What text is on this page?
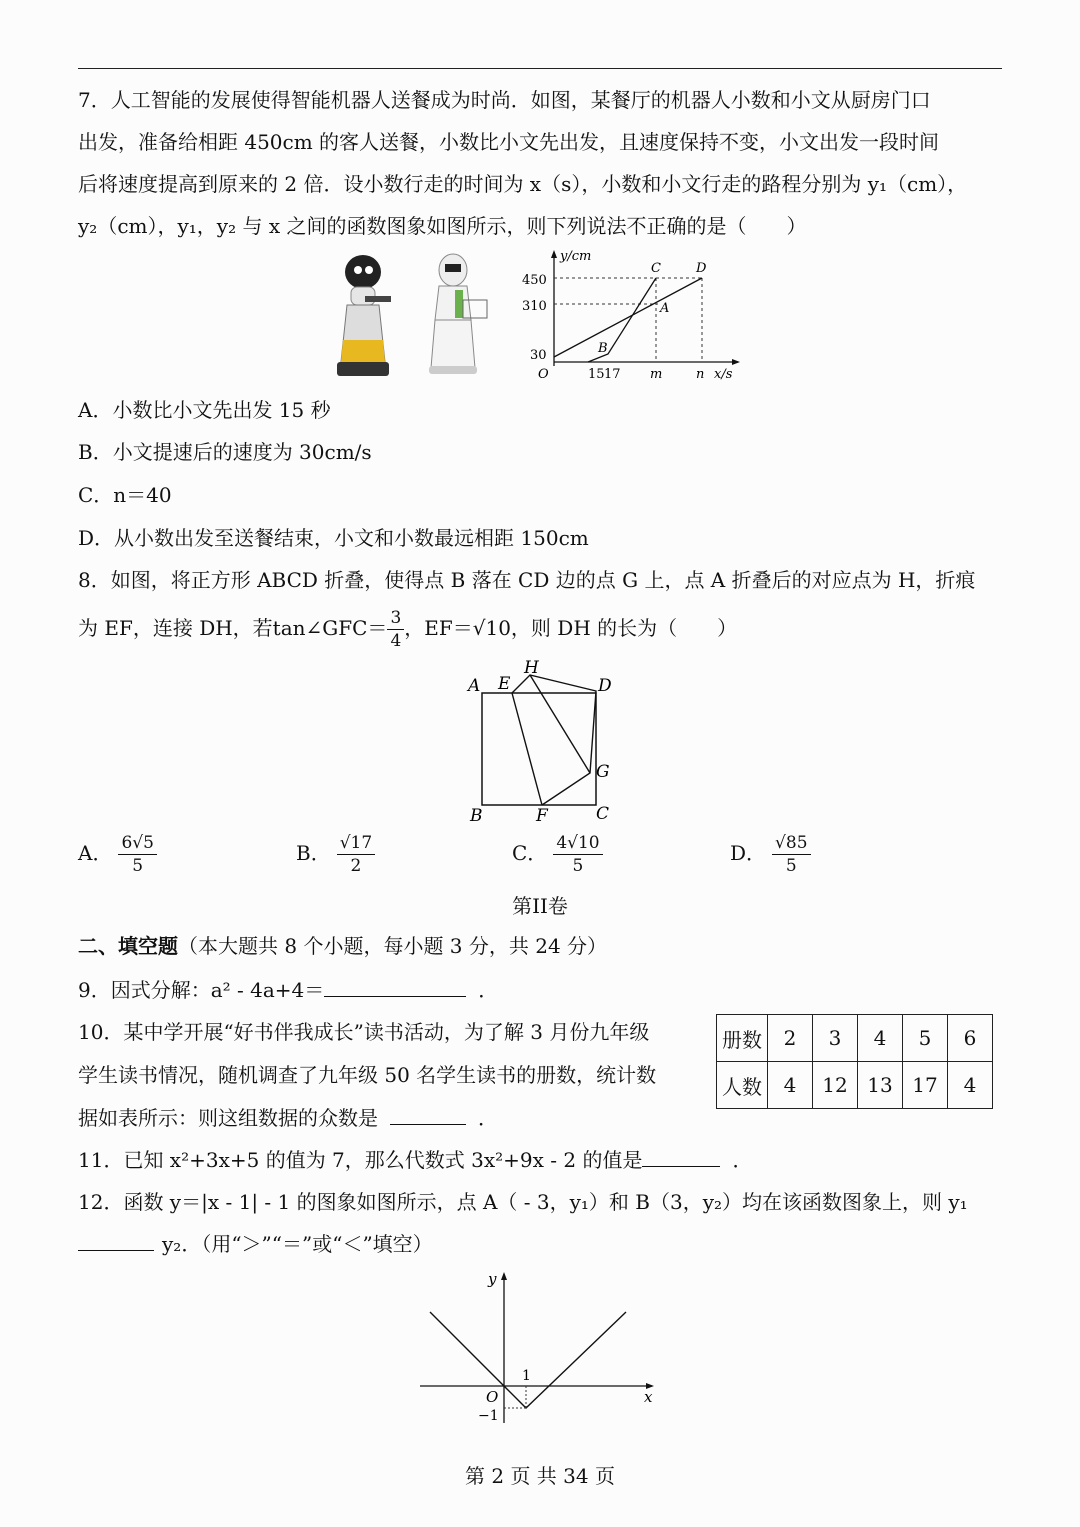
7．人工智能的发展使得智能机器人送餐成为时尚．如图，某餐厅的机器人小数和小文从厨房门口
出发，准备给相距 450cm 的客人送餐，小数比小文先出发，且速度保持不变，小文出发一段时间
后将速度提高到原来的 2 倍．设小数行走的时间为 x（s），小数和小文行走的路程分别为 y₁（cm），
y₂（cm），y₁，y₂ 与 x 之间的函数图象如图所示，则下列说法不正确的是（　　）
y/cm
x/s
450
310
30
O	15 17 m	n
C	D
A
B
A．小数比小文先出发 15 秒
B．小文提速后的速度为 30cm/s
C．n＝40
D．从小数出发至送餐结束，小文和小数最远相距 150cm
8．如图，将正方形 ABCD 折叠，使得点 B 落在 CD 边的点 G 上，点 A 折叠后的对应点为 H，折痕
为 EF，连接 DH，若tan∠GFC＝ $\frac{3}{4}$ ，EF＝√10，则 DH 的长为（　　）
A E
H
D
G
B	F	C
A． $\frac{6√5}{5}$	B． $\frac{√17}{2}$	C． $\frac{4√10}{5}$	D． $\frac{√85}{5}$
第II卷
二、填空题（本大题共 8 个小题，每小题 3 分，共 24 分）
9．因式分解：a² - 4a+4＝	．
10．某中学开展“好书伴我成长”读书活动，为了解 3 月份九年级
学生读书情况，随机调查了九年级 50 名学生读书的册数，统计数
据如表所示：则这组数据的众数是	．
册数	2	3	4	5	6
人数	4	12	13	17	4
11．已知 x²+3x+5 的值为 7，那么代数式 3x²+9x - 2 的值是	．
12．函数 y＝|x - 1| - 1 的图象如图所示，点 A（ - 3，y₁）和 B（3，y₂）均在该函数图象上，则 y₁
y₂．（用“＞”“＝”或“＜”填空）
y
x
O
1
−1
第 2 页 共 34 页
